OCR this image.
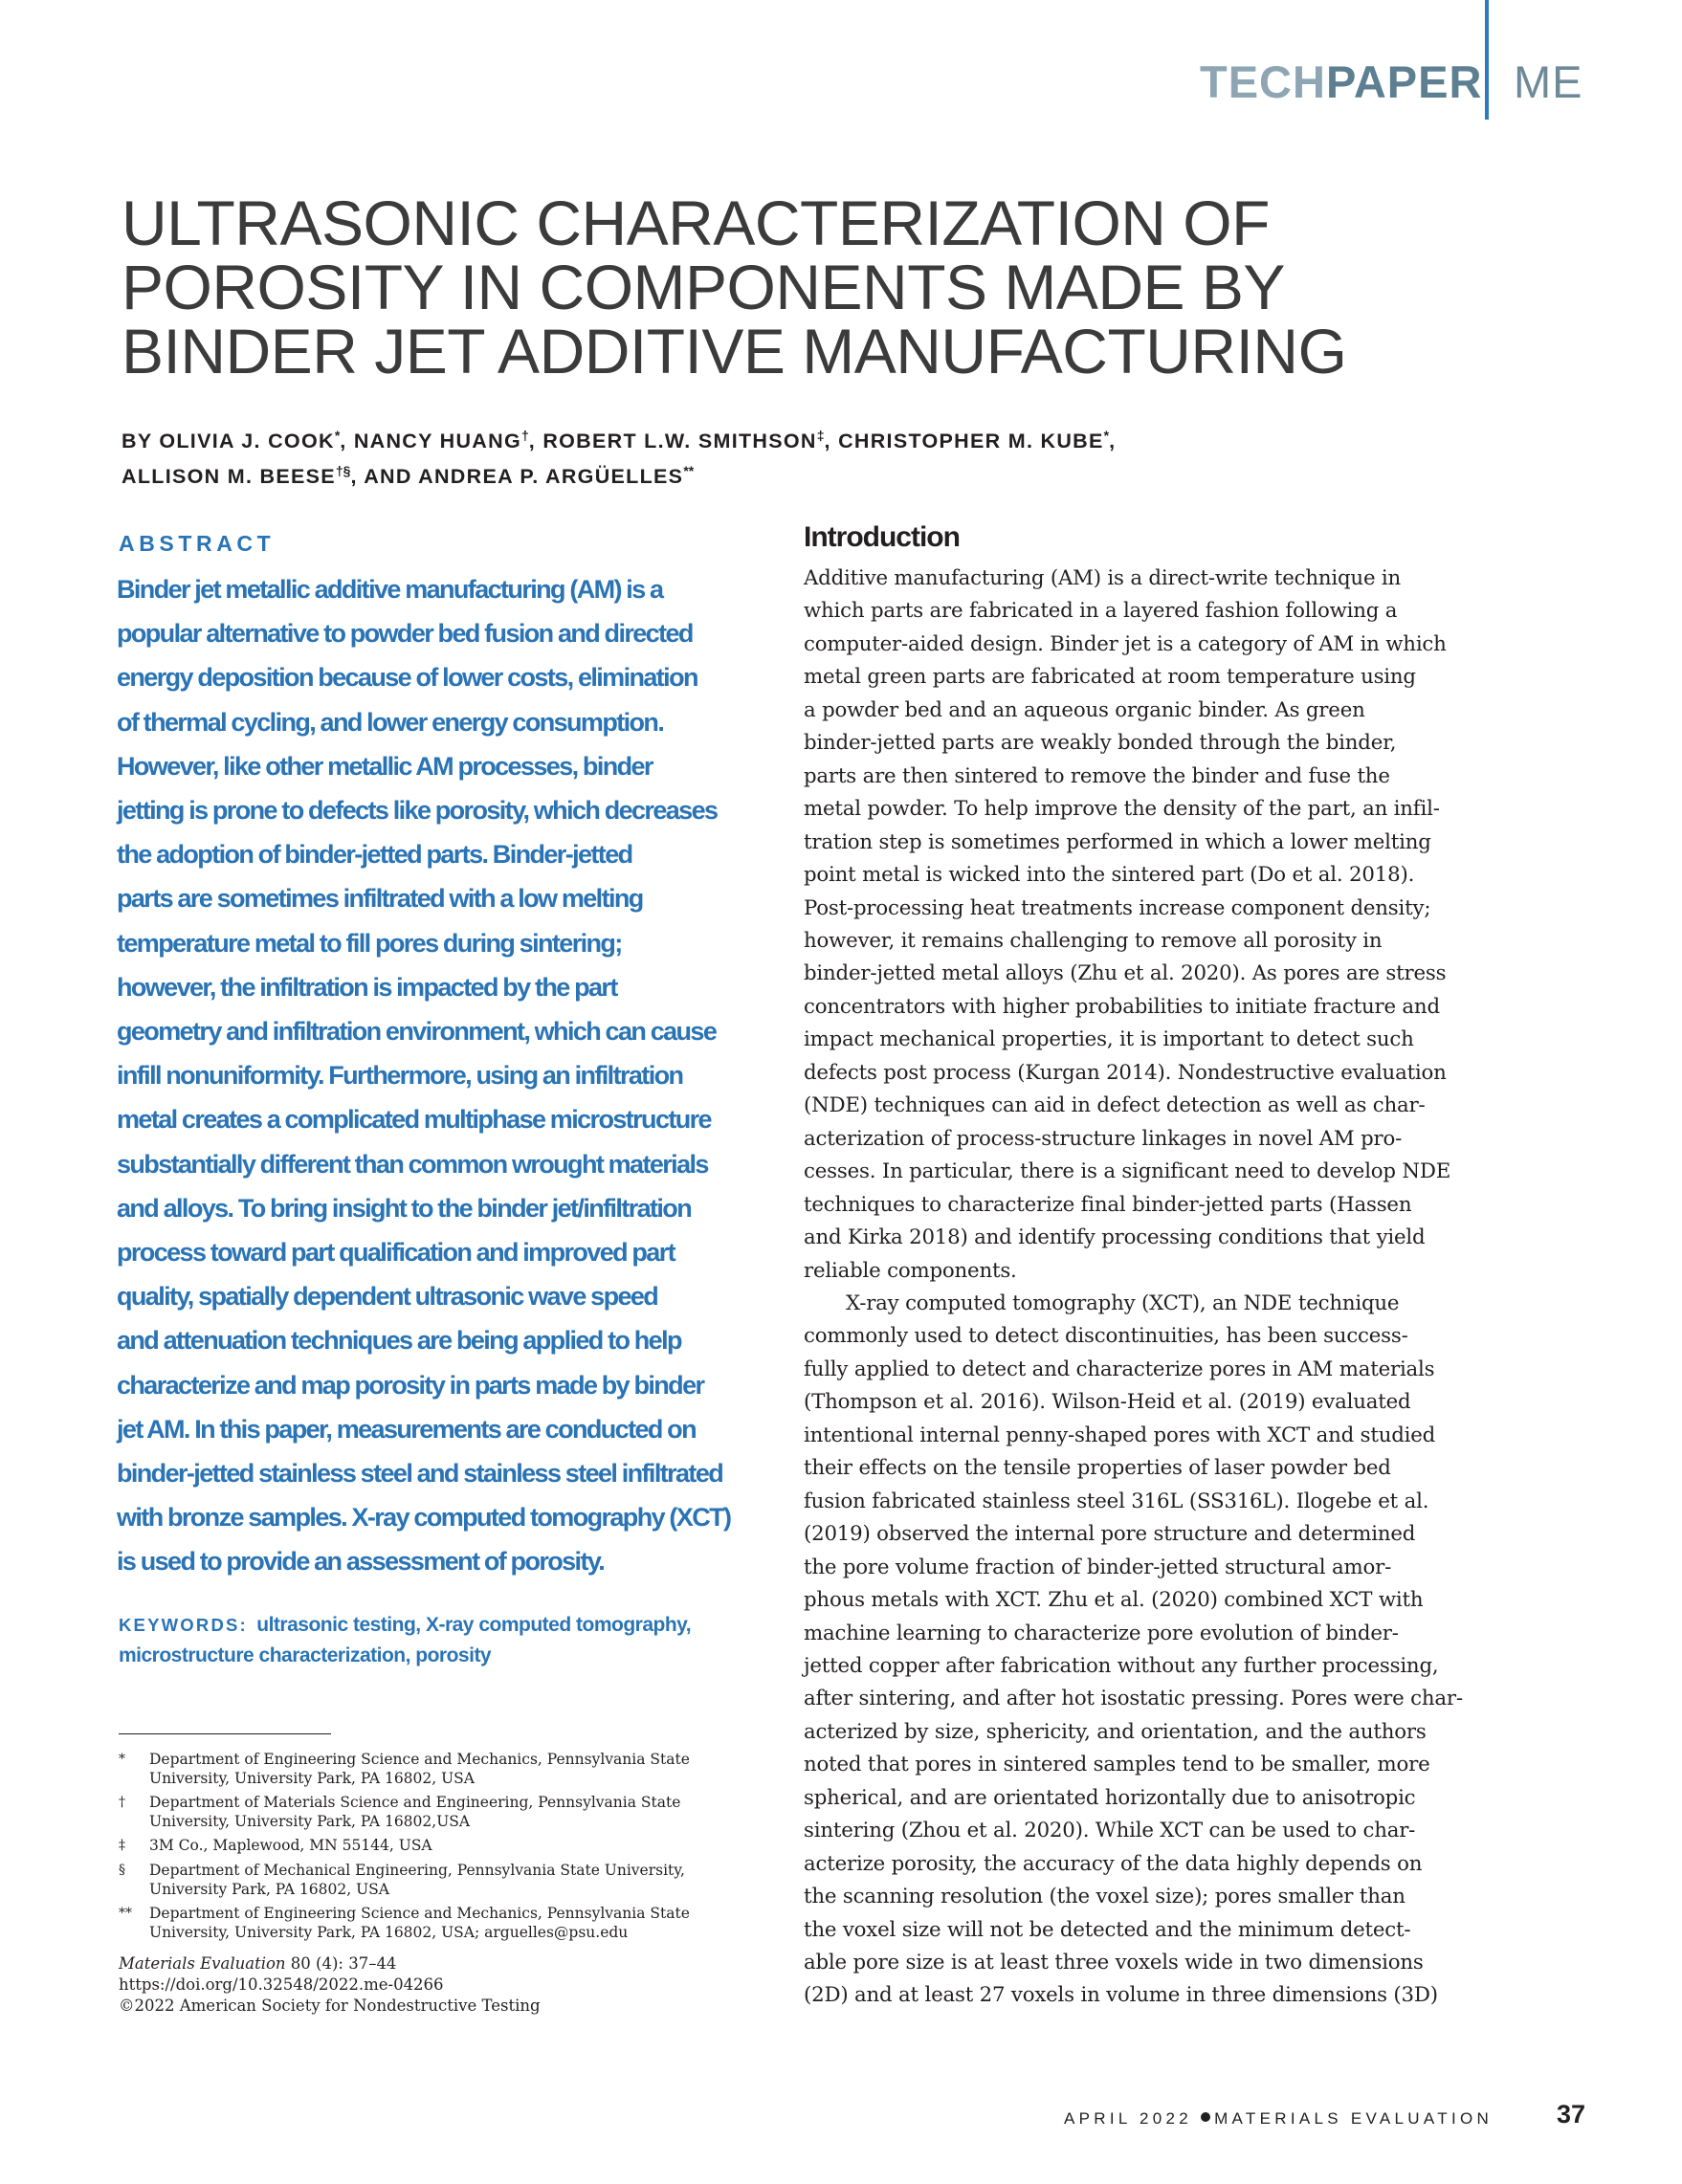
TECHPAPER ME
ULTRASONIC CHARACTERIZATION OF
POROSITY IN COMPONENTS MADE BY
BINDER JET ADDITIVE MANUFACTURING
BY OLIVIA J. COOK*, NANCY HUANG†, ROBERT L.W. SMITHSON‡, CHRISTOPHER M. KUBE*,
ALLISON M. BEESE†§, AND ANDREA P. ARGÜELLES**
ABSTRACT
Binder jet metallic additive manufacturing (AM) is a
popular alternative to powder bed fusion and directed
energy deposition because of lower costs, elimination
of thermal cycling, and lower energy consumption.
However, like other metallic AM processes, binder
jetting is prone to defects like porosity, which decreases
the adoption of binder-jetted parts. Binder-jetted
parts are sometimes infiltrated with a low melting
temperature metal to fill pores during sintering;
however, the infiltration is impacted by the part
geometry and infiltration environment, which can cause
infill nonuniformity. Furthermore, using an infiltration
metal creates a complicated multiphase microstructure
substantially different than common wrought materials
and alloys. To bring insight to the binder jet/infiltration
process toward part qualification and improved part
quality, spatially dependent ultrasonic wave speed
and attenuation techniques are being applied to help
characterize and map porosity in parts made by binder
jet AM. In this paper, measurements are conducted on
binder-jetted stainless steel and stainless steel infiltrated
with bronze samples. X-ray computed tomography (XCT)
is used to provide an assessment of porosity.
KEYWORDS: ultrasonic testing, X-ray computed tomography,
microstructure characterization, porosity
*	Department of Engineering Science and Mechanics, Pennsylvania State
University, University Park, PA 16802, USA
†	Department of Materials Science and Engineering, Pennsylvania State
University, University Park, PA 16802,USA
‡	3M Co., Maplewood, MN 55144, USA
§	Department of Mechanical Engineering, Pennsylvania State University,
University Park, PA 16802, USA
**	Department of Engineering Science and Mechanics, Pennsylvania State
University, University Park, PA 16802, USA; arguelles@psu.edu
Materials Evaluation 80 (4): 37–44
https://doi.org/10.32548/2022.me-04266
©2022 American Society for Nondestructive Testing
Introduction
Additive manufacturing (AM) is a direct-write technique in
which parts are fabricated in a layered fashion following a
computer-aided design. Binder jet is a category of AM in which
metal green parts are fabricated at room temperature using
a powder bed and an aqueous organic binder. As green
binder-jetted parts are weakly bonded through the binder,
parts are then sintered to remove the binder and fuse the
metal powder. To help improve the density of the part, an infil-
tration step is sometimes performed in which a lower melting
point metal is wicked into the sintered part (Do et al. 2018).
Post-processing heat treatments increase component density;
however, it remains challenging to remove all porosity in
binder-jetted metal alloys (Zhu et al. 2020). As pores are stress
concentrators with higher probabilities to initiate fracture and
impact mechanical properties, it is important to detect such
defects post process (Kurgan 2014). Nondestructive evaluation
(NDE) techniques can aid in defect detection as well as char-
acterization of process-structure linkages in novel AM pro-
cesses. In particular, there is a significant need to develop NDE
techniques to characterize final binder-jetted parts (Hassen
and Kirka 2018) and identify processing conditions that yield
reliable components.
X-ray computed tomography (XCT), an NDE technique
commonly used to detect discontinuities, has been success-
fully applied to detect and characterize pores in AM materials
(Thompson et al. 2016). Wilson-Heid et al. (2019) evaluated
intentional internal penny-shaped pores with XCT and studied
their effects on the tensile properties of laser powder bed
fusion fabricated stainless steel 316L (SS316L). Ilogebe et al.
(2019) observed the internal pore structure and determined
the pore volume fraction of binder-jetted structural amor-
phous metals with XCT. Zhu et al. (2020) combined XCT with
machine learning to characterize pore evolution of binder-
jetted copper after fabrication without any further processing,
after sintering, and after hot isostatic pressing. Pores were char-
acterized by size, sphericity, and orientation, and the authors
noted that pores in sintered samples tend to be smaller, more
spherical, and are orientated horizontally due to anisotropic
sintering (Zhou et al. 2020). While XCT can be used to char-
acterize porosity, the accuracy of the data highly depends on
the scanning resolution (the voxel size); pores smaller than
the voxel size will not be detected and the minimum detect-
able pore size is at least three voxels wide in two dimensions
(2D) and at least 27 voxels in volume in three dimensions (3D)
APRIL 2022 MATERIALS EVALUATION 37
